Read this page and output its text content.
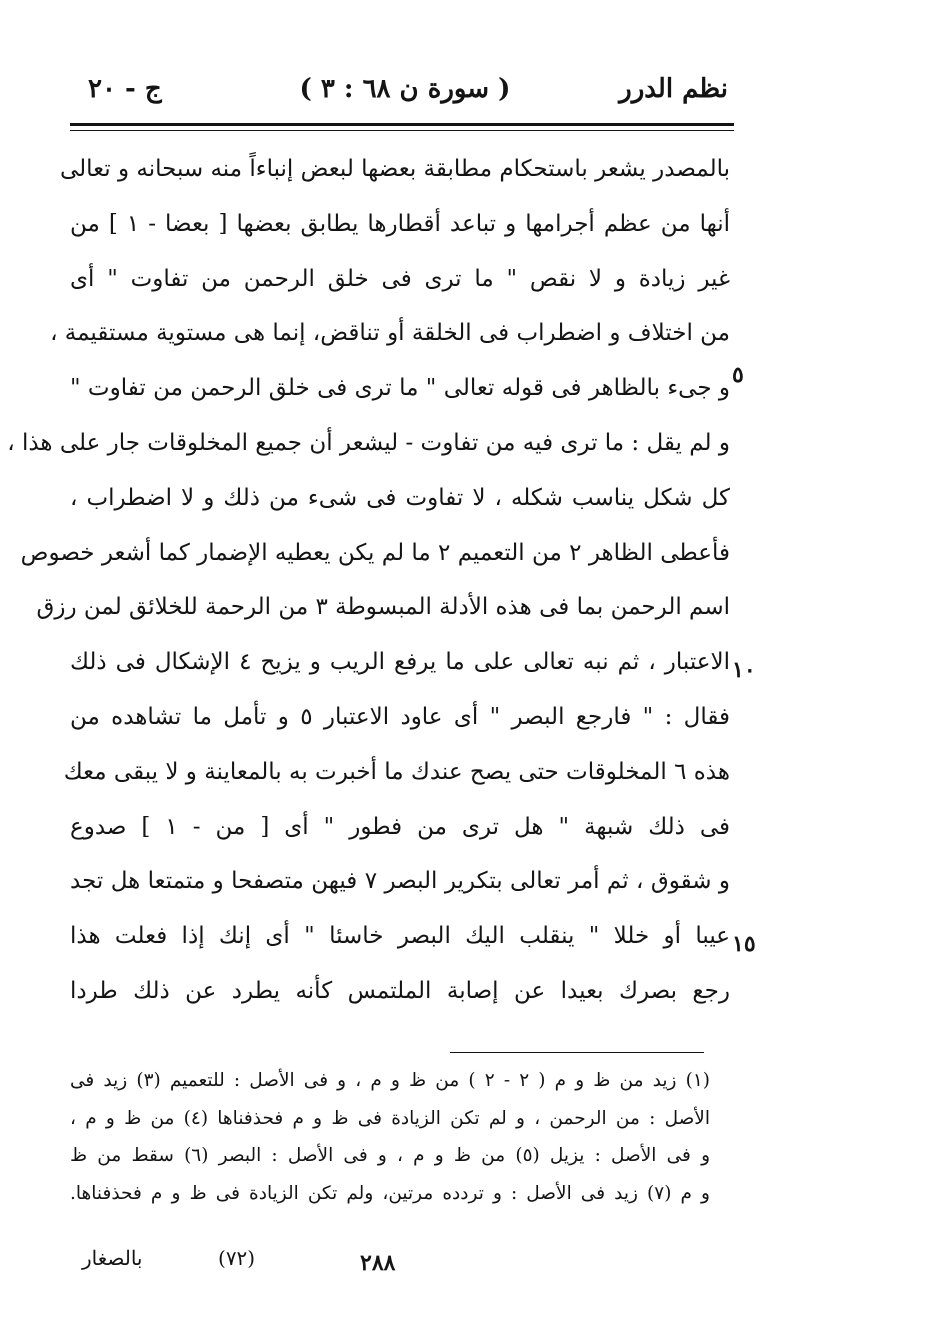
نظم الدرر
( سورة ن ٦٨ : ٣ )
ج - ٢٠
بالمصدر يشعر باستحكام مطابقة بعضها لبعض إنباءاً منه سبحانه و تعالى
أنها من عظم أجرامها و تباعد أقطارها يطابق بعضها [ بعضا - ١ ] من
غير زيادة و لا نقص " ما ترى فى خلق الرحمن من تفاوت " أى
من اختلاف و اضطراب فى الخلقة أو تناقض، إنما هى مستوية مستقيمة ،
و جىء بالظاهر فى قوله تعالى " ما ترى فى خلق الرحمن من تفاوت "
و لم يقل : ما ترى فيه من تفاوت - ليشعر أن جميع المخلوقات جار على هذا ،
كل شكل يناسب شكله ، لا تفاوت فى شىء من ذلك و لا اضطراب ،
فأعطى الظاهر ٢ من التعميم ٢ ما لم يكن يعطيه الإضمار كما أشعر خصوص
اسم الرحمن بما فى هذه الأدلة المبسوطة ٣ من الرحمة للخلائق لمن رزق
الاعتبار ، ثم نبه تعالى على ما يرفع الريب و يزيح ٤ الإشكال فى ذلك
فقال : " فارجع البصر " أى عاود الاعتبار ٥ و تأمل ما تشاهده من
هذه ٦ المخلوقات حتى يصح عندك ما أخبرت به بالمعاينة و لا يبقى معك
فى ذلك شبهة " هل ترى من فطور " أى [ من - ١ ] صدوع
و شقوق ، ثم أمر تعالى بتكرير البصر ٧ فيهن متصفحا و متمتعا هل تجد
عيبا أو خللا " ينقلب اليك البصر خاسئا " أى إنك إذا فعلت هذا
رجع بصرك بعيدا عن إصابة الملتمس كأنه يطرد عن ذلك طردا
٥
١٠
١٥
(١) زيد من ظ و م ( ٢ - ٢ ) من ظ و م ، و فى الأصل : للتعميم (٣) زيد فى
الأصل : من الرحمن ، و لم تكن الزيادة فى ظ و م فحذفناها (٤) من ظ و م ،
و فى الأصل : يزيل (٥) من ظ و م ، و فى الأصل : البصر (٦) سقط من ظ
و م (٧) زيد فى الأصل : و تردده مرتين، ولم تكن الزيادة فى ظ و م فحذفناها.
بالصغار	(٧٢)	٢٨٨
